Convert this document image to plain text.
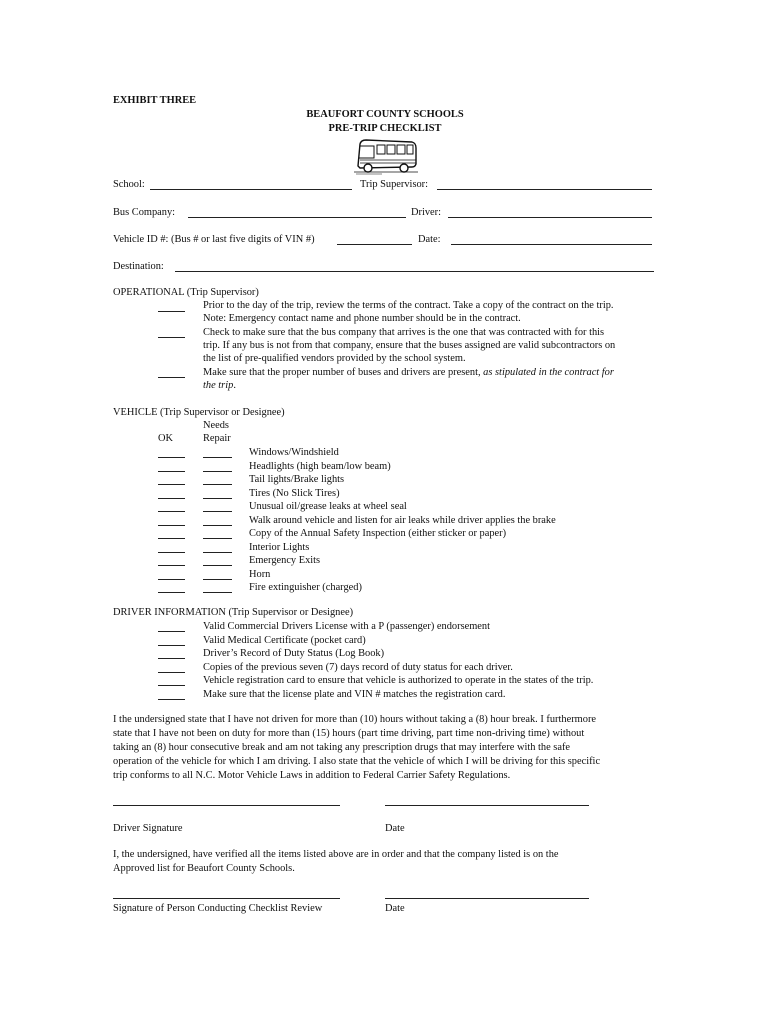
EXHIBIT THREE
BEAUFORT COUNTY SCHOOLS
PRE-TRIP CHECKLIST
School:	Trip Supervisor:
Bus Company:	Driver:
Vehicle ID #: (Bus # or last five digits of VIN #)	Date:
Destination:
OPERATIONAL (Trip Supervisor)
Prior to the day of the trip, review the terms of the contract. Take a copy of the contract on the trip.
Note: Emergency contact name and phone number should be in the contract.
Check to make sure that the bus company that arrives is the one that was contracted with for this
trip. If any bus is not from that company, ensure that the buses assigned are valid subcontractors on
the list of pre-qualified vendors provided by the school system.
Make sure that the proper number of buses and drivers are present, as stipulated in the contract for
the trip.
VEHICLE (Trip Supervisor or Designee)
Needs
OK	Repair
Windows/Windshield
Headlights (high beam/low beam)
Tail lights/Brake lights
Tires (No Slick Tires)
Unusual oil/grease leaks at wheel seal
Walk around vehicle and listen for air leaks while driver applies the brake
Copy of the Annual Safety Inspection (either sticker or paper)
Interior Lights
Emergency Exits
Horn
Fire extinguisher (charged)
DRIVER INFORMATION (Trip Supervisor or Designee)
Valid Commercial Drivers License with a P (passenger) endorsement
Valid Medical Certificate (pocket card)
Driver’s Record of Duty Status (Log Book)
Copies of the previous seven (7) days record of duty status for each driver.
Vehicle registration card to ensure that vehicle is authorized to operate in the states of the trip.
Make sure that the license plate and VIN # matches the registration card.
I the undersigned state that I have not driven for more than (10) hours without taking a (8) hour break. I furthermore
state that I have not been on duty for more than (15) hours (part time driving, part time non-driving time) without
taking an (8) hour consecutive break and am not taking any prescription drugs that may interfere with the safe
operation of the vehicle for which I am driving. I also state that the vehicle of which I will be driving for this specific
trip conforms to all N.C. Motor Vehicle Laws in addition to Federal Carrier Safety Regulations.
Driver Signature	Date
I, the undersigned, have verified all the items listed above are in order and that the company listed is on the
Approved list for Beaufort County Schools.
Signature of Person Conducting Checklist Review	Date
